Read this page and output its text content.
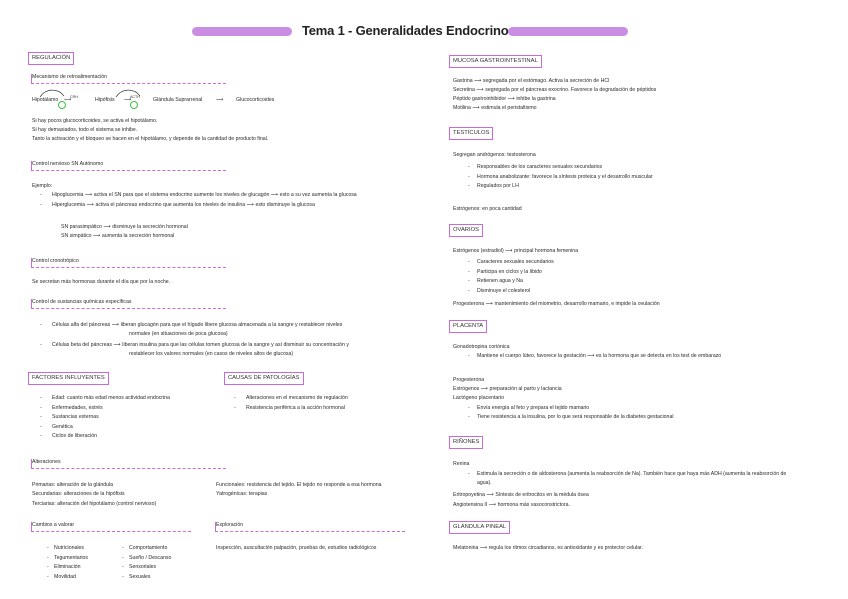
Tema 1 - Generalidades Endocrino
REGULACIÓN
Mecanismo de retroalimentación
Hipotálamo	CRH
⟶	Hipófisis	ACTH
⟶	Glándula Suprarrenal	⟶ Glucocorticoides
Si hay pocos glucocorticoides, se activa el hipotálamo.
Si hay demasiados, todo el sistema se inhibe.
Tanto la activación y el bloqueo se hacen en el hipotálamo, y depende de la cantidad de producto final.
Control nervioso SN Autónomo
Ejemplo:
- Hipoglucemia ⟶ activa el SN para que el sistema endocrino aumente los niveles de glucagón ⟶ esto a su vez aumenta la glucosa
- Hiperglucemia ⟶ activa el páncreas endocrino que aumenta los niveles de insulina ⟶ esto disminuye la glucosa
SN parasimpático ⟶ disminuye la secreción hormonal
SN simpático ⟶ aumenta la secreción hormonal
Control cronotrópico
Se secretan más hormonas durante el día que por la noche.
Control de sustancias químicas específicas
- Células alfa del páncreas ⟶ liberan glucagón para que el hígado libere glucosa almacenada a la sangre y restablecer niveles
normales (en situaciones de poca glucosa)
- Células beta del páncreas ⟶ liberan insulina para que las células tomen glucosa de la sangre y así disminuir su concentración y
restablecer los valores normales (en casos de niveles altos de glucosa)
FACTORES INFLUYENTES	CAUSAS DE PATOLOGÍAS
- Edad: cuanto más edad menos actividad endocrina
- Enfermedades, estrés
- Sustancias externas
- Genética
- Ciclos de liberación
- Alteraciones en el mecanismo de regulación
- Resistencia periférica a la acción hormonal
Alteraciones
Primarias: alteración de la glándula
Secundarias: alteraciones de la hipófisis
Terciarias: alteración del hipotálamo (control nervioso)
Funcionales: resistencia del tejido. El tejido no responde a esa hormona
Yatrogénicas: terapias
Cambios a valorar	Exploración
Inspección, auscultación palpación, pruebas de, estudios radiológicos
- Nutricionales
- Tegumentarios
- Eliminación
- Movilidad
- Comportamiento
- Sueño / Descanso
- Sensoriales
- Sexuales
MUCOSA GASTROINTESTINAL
Gastrina ⟶ segregada por el estómago. Activa la secreción de HCl
Secretina ⟶ segregada por el páncreas exocrino. Favorece la degradación de péptidos
Péptido gastroinhibidor ⟶ inhibe la gastrina
Motilina ⟶ estimula el peristaltismo
TESTÍCULOS
Segregan andrógenos: testosterona
- Responsables de los caracteres sexuales secundarios
- Hormona anabolizante: favorece la síntesis proteica y el desarrollo muscular
- Regulados por LH
Estrógenos: en poca cantidad
OVARIOS
Estrógenos (estradiol) ⟶ principal hormona femenina
- Caracteres sexuales secundarios
- Participa en ciclos y la libido
- Retienen agua y Na
- Disminuye el colesterol
Progesterona ⟶ mantenimiento del miometrio, desarrollo mamario, e impide la ovulación
PLACENTA
Gonadotropina coriónica
- Mantiene el cuerpo lúteo, favorece la gestación ⟶ es la hormona que se detecta en los test de embarazo
Progesterona
Estrógenos ⟶ preparación al parto y lactancia
Lactógeno placentario
- Envía energía al feto y prepara el tejido mamario
- Tiene resistencia a la insulina, por lo que será responsable de la diabetes gestacional
RIÑONES
Renina
- Estimula la secreción o de aldosterona (aumenta la reabsorción de Na). También hace que haya más ADH (aumenta la reabsorción de
agua).
Eritropoyetina ⟶ Síntesis de eritrocitos en la médula ósea
Angiotensina II ⟶ hormona más vasoconstrictora.
GLÁNDULA PINEAL
Melatonina ⟶ regula los ritmos circadianos, es antioxidante y es protector celular.
